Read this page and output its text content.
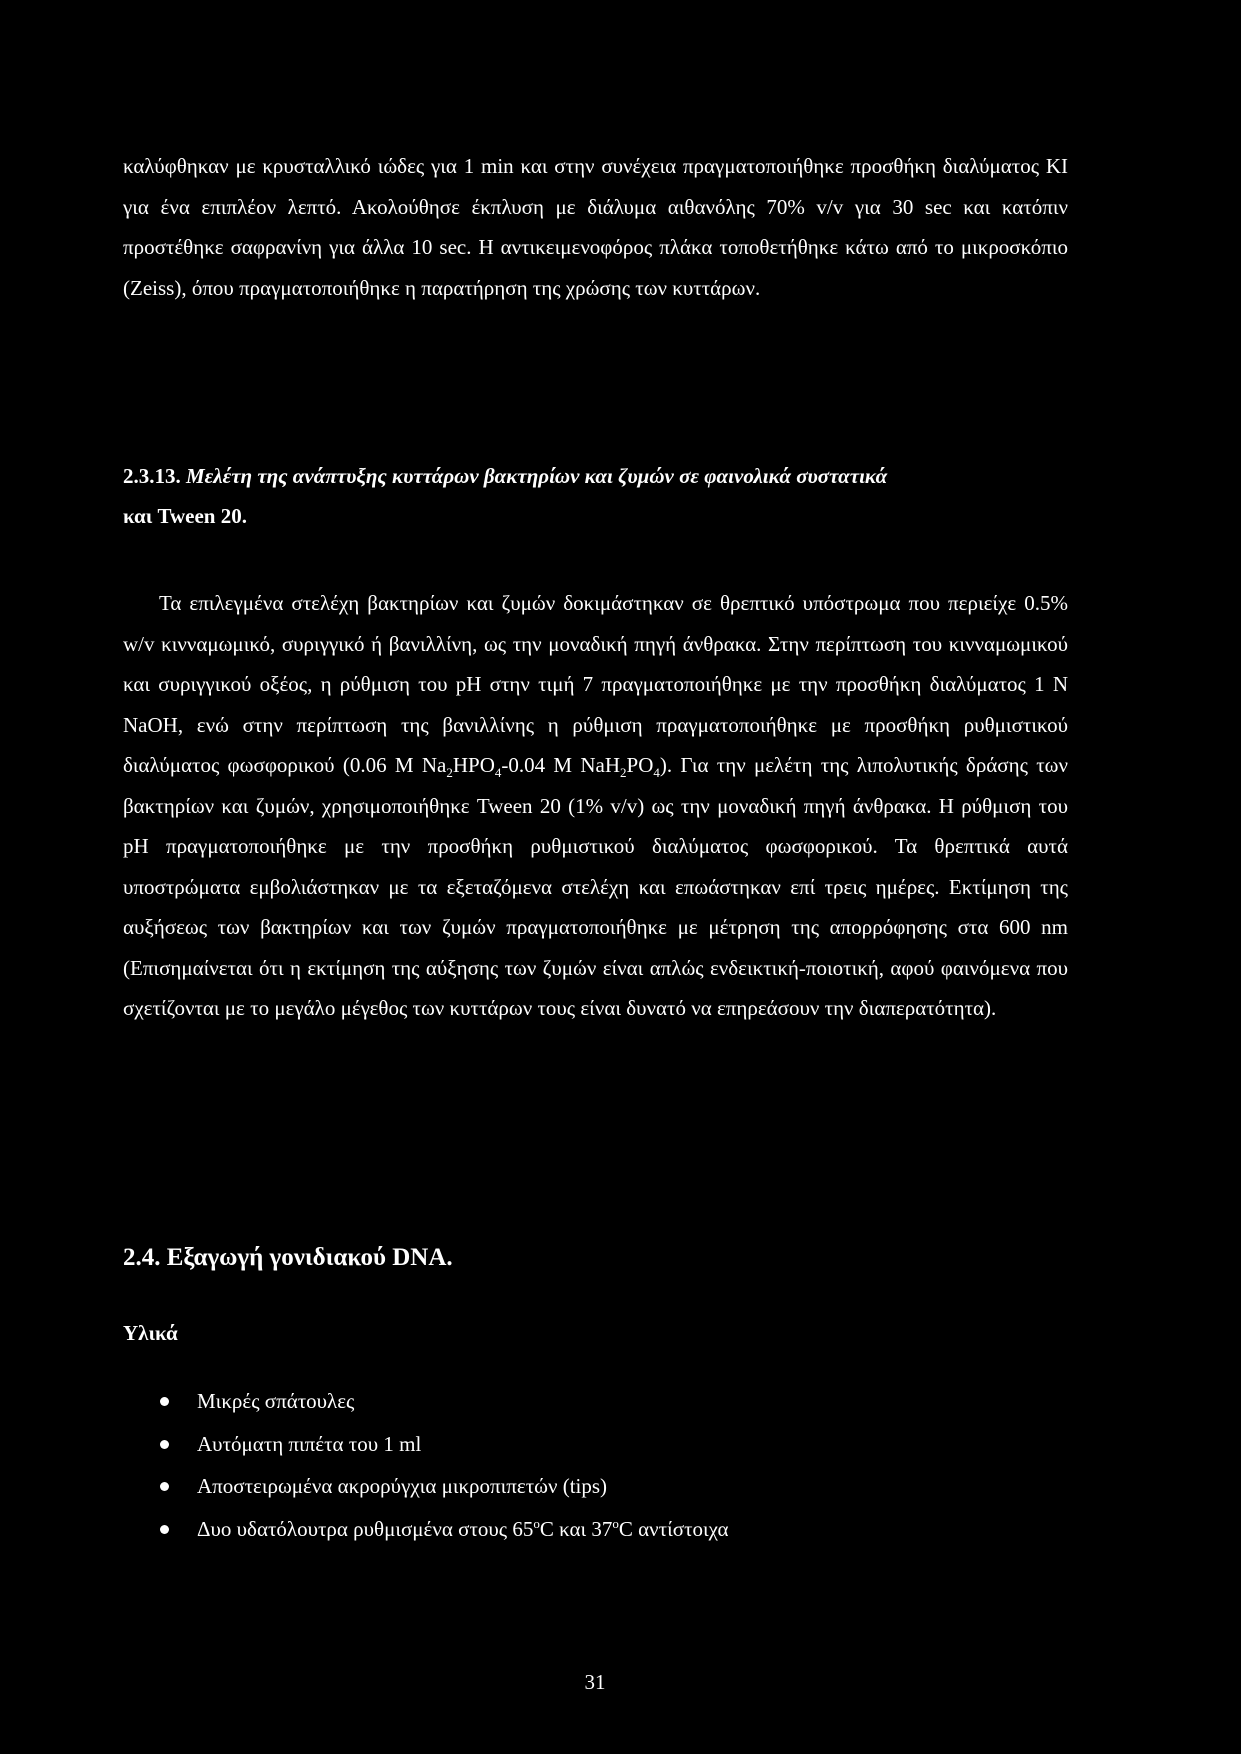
καλύφθηκαν με κρυσταλλικό ιώδες για 1 min και στην συνέχεια πραγματοποιήθηκε προσθήκη διαλύματος KI για ένα επιπλέον λεπτό. Ακολούθησε έκπλυση με διάλυμα αιθανόλης 70% v/v για 30 sec και κατόπιν προστέθηκε σαφρανίνη για άλλα 10 sec. Η αντικειμενοφόρος πλάκα τοποθετήθηκε κάτω από το μικροσκόπιο (Zeiss), όπου πραγματοποιήθηκε η παρατήρηση της χρώσης των κυττάρων.

2.3.13. Μελέτη της ανάπτυξης κυττάρων βακτηρίων και ζυμών σε φαινολικά συστατικά
και Tween 20.

Τα επιλεγμένα στελέχη βακτηρίων και ζυμών δοκιμάστηκαν σε θρεπτικό υπόστρωμα που περιείχε 0.5% w/v κινναμωμικό, συριγγικό ή βανιλλίνη, ως την μοναδική πηγή άνθρακα. Στην περίπτωση του κινναμωμικού και συριγγικού οξέος, η ρύθμιση του pH στην τιμή 7 πραγματοποιήθηκε με την προσθήκη διαλύματος 1 N NaOH, ενώ στην περίπτωση της βανιλλίνης η ρύθμιση πραγματοποιήθηκε με προσθήκη ρυθμιστικού διαλύματος φωσφορικού (0.06 M $Na_2HPO_4-0.04$ M $NaH_2PO_4$). Για την μελέτη της λιπολυτικής δράσης των βακτηρίων και ζυμών, χρησιμοποιήθηκε Tween 20 (1% v/v) ως την μοναδική πηγή άνθρακα. Η ρύθμιση του pH πραγματοποιήθηκε με την προσθήκη ρυθμιστικού διαλύματος φωσφορικού. Τα θρεπτικά αυτά υποστρώματα εμβολιάστηκαν με τα εξεταζόμενα στελέχη και επωάστηκαν επί τρεις ημέρες. Εκτίμηση της αυξήσεως των βακτηρίων και των ζυμών πραγματοποιήθηκε με μέτρηση της απορρόφησης στα 600 nm (Επισημαίνεται ότι η εκτίμηση της αύξησης των ζυμών είναι απλώς ενδεικτική-ποιοτική, αφού φαινόμενα που σχετίζονται με το μεγάλο μέγεθος των κυττάρων τους είναι δυνατό να επηρεάσουν την διαπερατότητα).

2.4. Εξαγωγή γονιδιακού DNA.
Υλικά
Μικρές σπάτουλες
Αυτόματη πιπέτα του 1 ml
Αποστειρωμένα ακρορύγχια μικροπιπετών (tips)
Δυο υδατόλουτρα ρυθμισμένα στους 65$^o$C και 37$^o$C αντίστοιχα

31
